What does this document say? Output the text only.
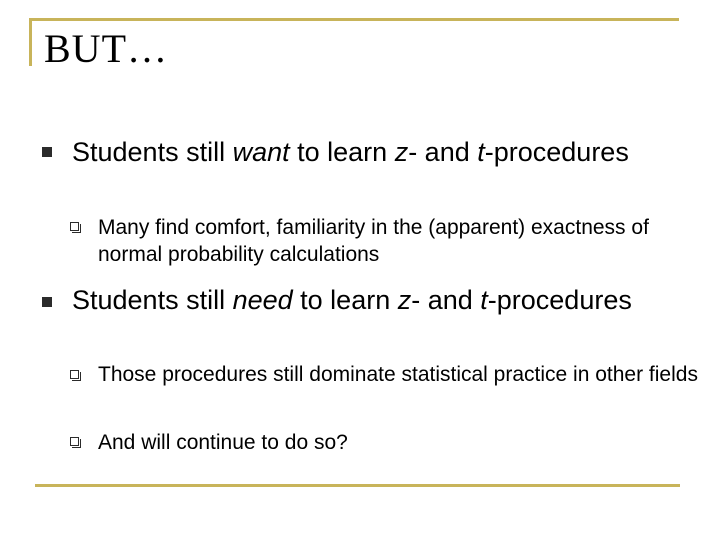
BUT…
Students still want to learn z- and t-procedures
Many find comfort, familiarity in the (apparent) exactness of normal probability calculations
Students still need to learn z- and t-procedures
Those procedures still dominate statistical practice in other fields
And will continue to do so?
